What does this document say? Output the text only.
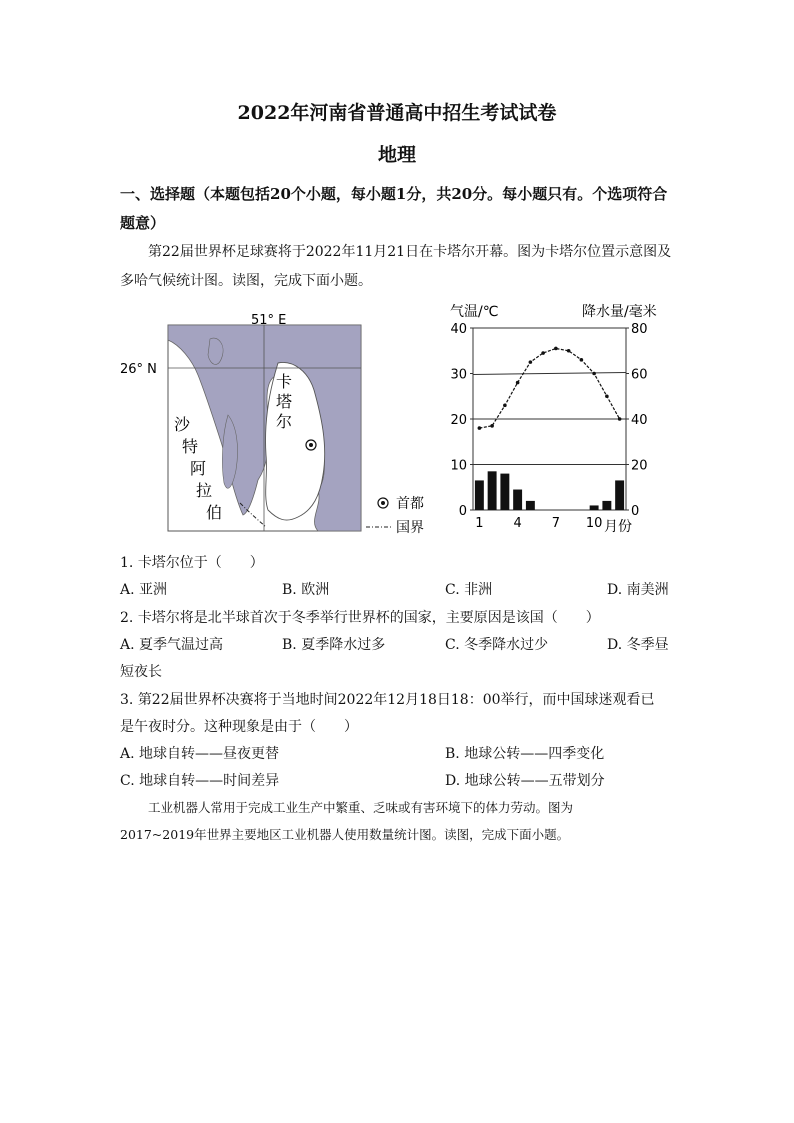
2022年河南省普通高中招生考试试卷
地理
一、选择题（本题包括20个小题，每小题1分，共20分。每小题只有。个选项符合题意）
第22届世界杯足球赛将于2022年11月21日在卡塔尔开幕。图为卡塔尔位置示意图及多哈气候统计图。读图，完成下面小题。
51° E
26° N
卡
塔
尔
沙
特
阿
拉
伯	首都
国界
气温/℃	降水量/毫米
0
10
20
30
40
0
20
40
60
80
1 4 7 10 月份
1. 卡塔尔位于（　　）
A. 亚洲	B. 欧洲	C. 非洲	D. 南美洲
2. 卡塔尔将是北半球首次于冬季举行世界杯的国家，主要原因是该国（　　）
A. 夏季气温过高	B. 夏季降水过多	C. 冬季降水过少	D. 冬季昼
短夜长
3. 第22届世界杯决赛将于当地时间2022年12月18日18：00举行，而中国球迷观看已
是午夜时分。这种现象是由于（　　）
A. 地球自转——昼夜更替	B. 地球公转——四季变化
C. 地球自转——时间差异	D. 地球公转——五带划分
工业机器人常用于完成工业生产中繁重、乏味或有害环境下的体力劳动。图为
2017~2019年世界主要地区工业机器人使用数量统计图。读图，完成下面小题。
